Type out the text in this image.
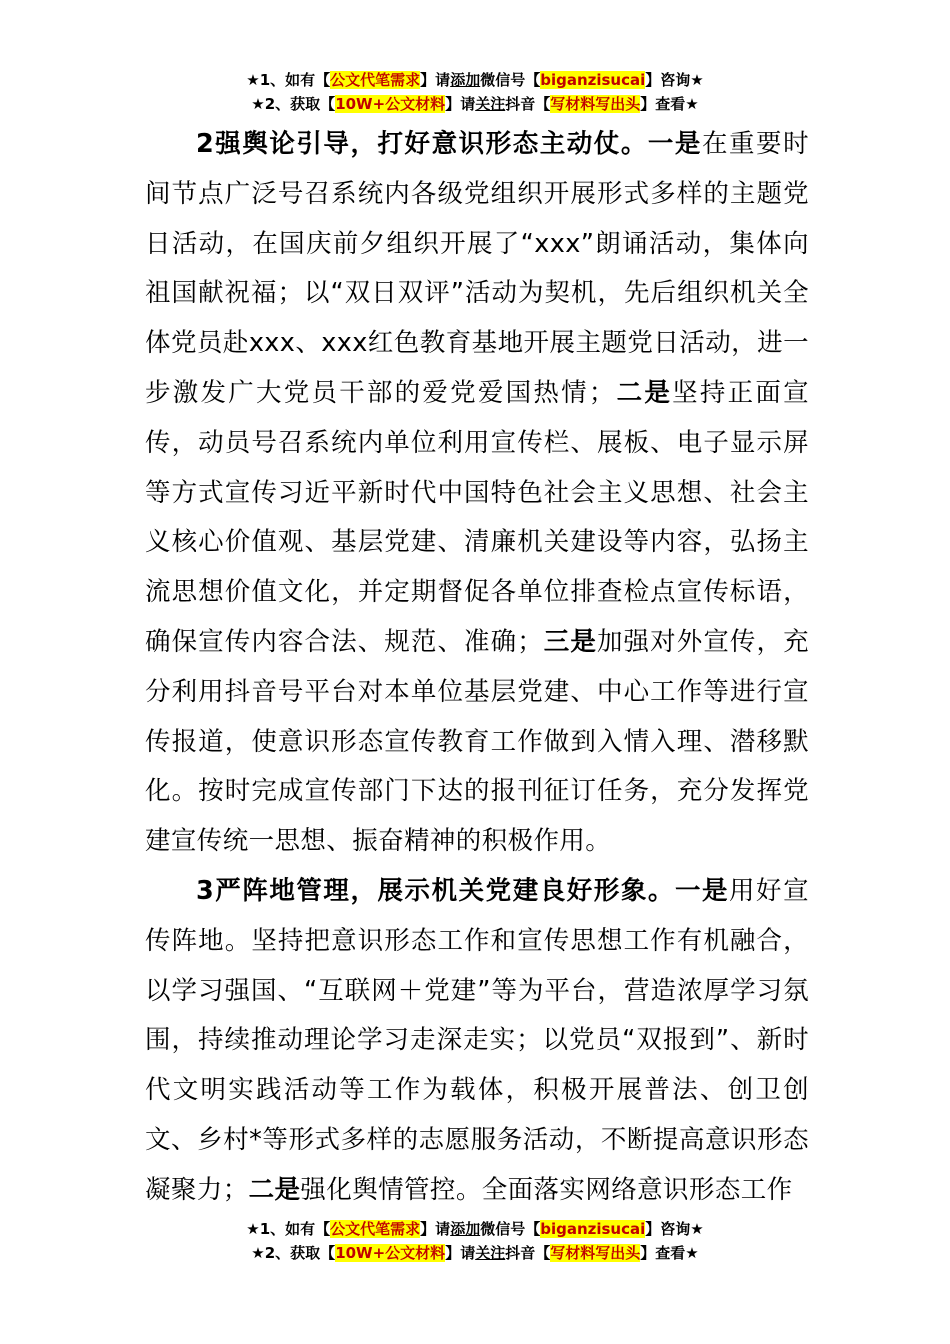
★1、如有【公文代笔需求】请添加微信号【biganzisucai】咨询★
★2、获取【10W+公文材料】请关注抖音【写材料写出头】查看★

2强舆论引导，打好意识形态主动仗。一是在重要时间节点广泛号召系统内各级党组织开展形式多样的主题党日活动，在国庆前夕组织开展了“xxx”朗诵活动，集体向祖国献祝福；以“双日双评”活动为契机，先后组织机关全体党员赴xxx、xxx红色教育基地开展主题党日活动，进一步激发广大党员干部的爱党爱国热情；二是坚持正面宣传，动员号召系统内单位利用宣传栏、展板、电子显示屏等方式宣传习近平新时代中国特色社会主义思想、社会主义核心价值观、基层党建、清廉机关建设等内容，弘扬主流思想价值文化，并定期督促各单位排查检点宣传标语，确保宣传内容合法、规范、准确；三是加强对外宣传，充分利用抖音号平台对本单位基层党建、中心工作等进行宣传报道，使意识形态宣传教育工作做到入情入理、潜移默化。按时完成宣传部门下达的报刊征订任务，充分发挥党建宣传统一思想、振奋精神的积极作用。

3严阵地管理，展示机关党建良好形象。一是用好宣传阵地。坚持把意识形态工作和宣传思想工作有机融合，以学习强国、“互联网＋党建”等为平台，营造浓厚学习氛围，持续推动理论学习走深走实；以党员“双报到”、新时代文明实践活动等工作为载体，积极开展普法、创卫创文、乡村*等形式多样的志愿服务活动，不断提高意识形态凝聚力；二是强化舆情管控。全面落实网络意识形态工作

★1、如有【公文代笔需求】请添加微信号【biganzisucai】咨询★
★2、获取【10W+公文材料】请关注抖音【写材料写出头】查看★
